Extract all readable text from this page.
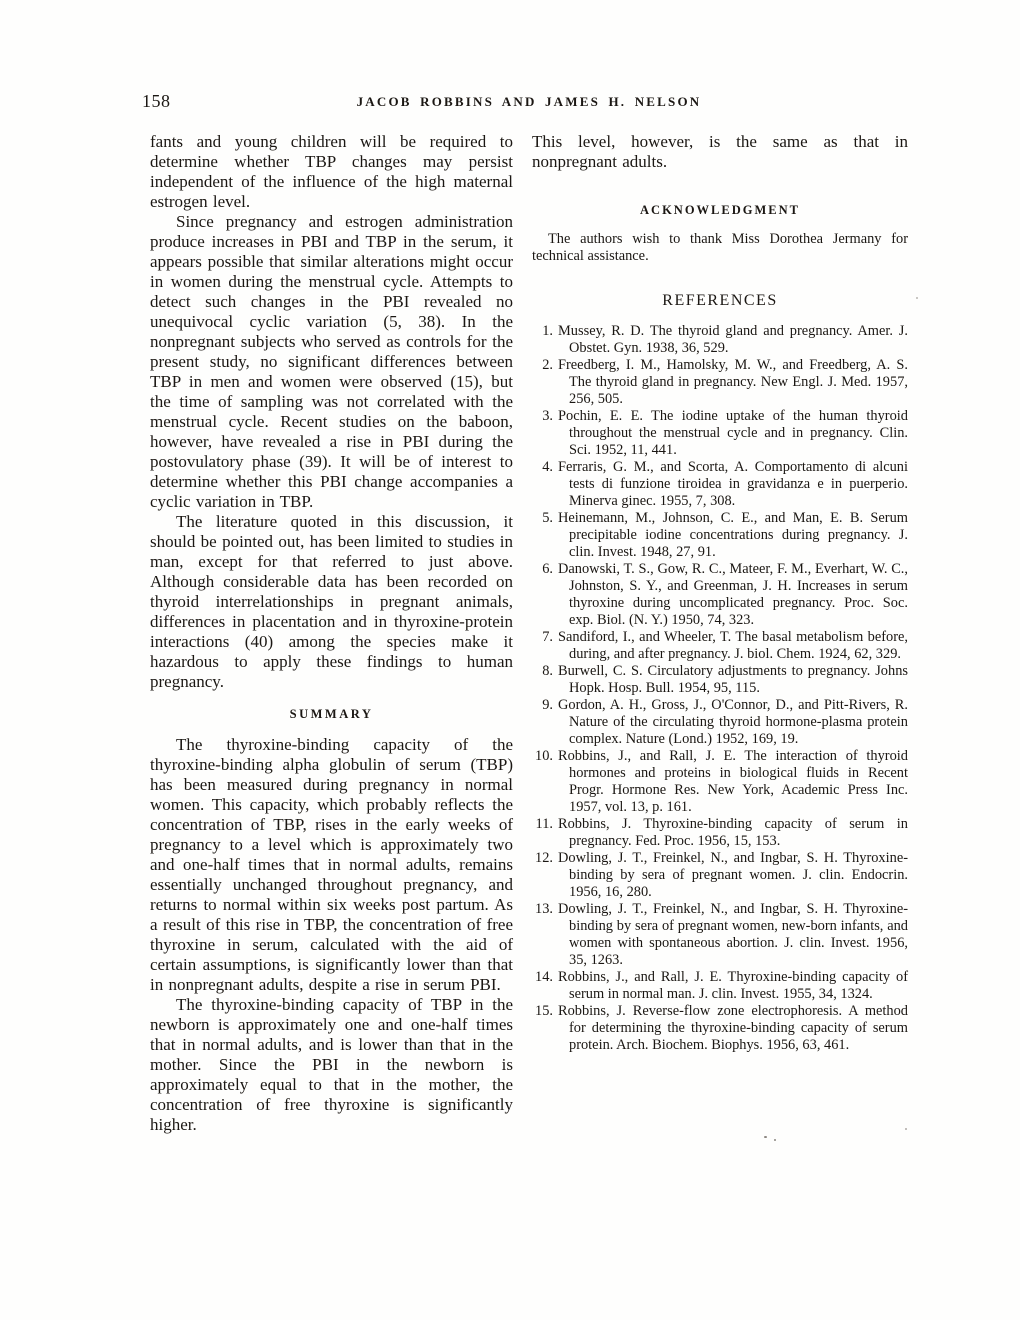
158	JACOB ROBBINS AND JAMES H. NELSON

fants and young children will be required to determine whether TBP changes may persist independent of the influence of the high maternal estrogen level.

Since pregnancy and estrogen administration produce increases in PBI and TBP in the serum, it appears possible that similar alterations might occur in women during the menstrual cycle. Attempts to detect such changes in the PBI revealed no unequivocal cyclic variation (5, 38). In the nonpregnant subjects who served as controls for the present study, no significant differences between TBP in men and women were observed (15), but the time of sampling was not correlated with the menstrual cycle. Recent studies on the baboon, however, have revealed a rise in PBI during the postovulatory phase (39). It will be of interest to determine whether this PBI change accompanies a cyclic variation in TBP.

The literature quoted in this discussion, it should be pointed out, has been limited to studies in man, except for that referred to just above. Although considerable data has been recorded on thyroid interrelationships in pregnant animals, differences in placentation and in thyroxine-protein interactions (40) among the species make it hazardous to apply these findings to human pregnancy.

SUMMARY

The thyroxine-binding capacity of the thyroxine-binding alpha globulin of serum (TBP) has been measured during pregnancy in normal women. This capacity, which probably reflects the concentration of TBP, rises in the early weeks of pregnancy to a level which is approximately two and one-half times that in normal adults, remains essentially unchanged throughout pregnancy, and returns to normal within six weeks post partum. As a result of this rise in TBP, the concentration of free thyroxine in serum, calculated with the aid of certain assumptions, is significantly lower than that in nonpregnant adults, despite a rise in serum PBI.

The thyroxine-binding capacity of TBP in the newborn is approximately one and one-half times that in normal adults, and is lower than that in the mother. Since the PBI in the newborn is approximately equal to that in the mother, the concentration of free thyroxine is significantly higher.

This level, however, is the same as that in nonpregnant adults.

ACKNOWLEDGMENT

The authors wish to thank Miss Dorothea Jermany for technical assistance.

REFERENCES
1. Mussey, R. D. The thyroid gland and pregnancy. Amer. J. Obstet. Gyn. 1938, 36, 529.
2. Freedberg, I. M., Hamolsky, M. W., and Freedberg, A. S. The thyroid gland in pregnancy. New Engl. J. Med. 1957, 256, 505.
3. Pochin, E. E. The iodine uptake of the human thyroid throughout the menstrual cycle and in pregnancy. Clin. Sci. 1952, 11, 441.
4. Ferraris, G. M., and Scorta, A. Comportamento di alcuni tests di funzione tiroidea in gravidanza e in puerperio. Minerva ginec. 1955, 7, 308.
5. Heinemann, M., Johnson, C. E., and Man, E. B. Serum precipitable iodine concentrations during pregnancy. J. clin. Invest. 1948, 27, 91.
6. Danowski, T. S., Gow, R. C., Mateer, F. M., Everhart, W. C., Johnston, S. Y., and Greenman, J. H. Increases in serum thyroxine during uncomplicated pregnancy. Proc. Soc. exp. Biol. (N. Y.) 1950, 74, 323.
7. Sandiford, I., and Wheeler, T. The basal metabolism before, during, and after pregnancy. J. biol. Chem. 1924, 62, 329.
8. Burwell, C. S. Circulatory adjustments to pregnancy. Johns Hopk. Hosp. Bull. 1954, 95, 115.
9. Gordon, A. H., Gross, J., O'Connor, D., and Pitt-Rivers, R. Nature of the circulating thyroid hormone-plasma protein complex. Nature (Lond.) 1952, 169, 19.
10. Robbins, J., and Rall, J. E. The interaction of thyroid hormones and proteins in biological fluids in Recent Progr. Hormone Res. New York, Academic Press Inc. 1957, vol. 13, p. 161.
11. Robbins, J. Thyroxine-binding capacity of serum in pregnancy. Fed. Proc. 1956, 15, 153.
12. Dowling, J. T., Freinkel, N., and Ingbar, S. H. Thyroxine-binding by sera of pregnant women. J. clin. Endocrin. 1956, 16, 280.
13. Dowling, J. T., Freinkel, N., and Ingbar, S. H. Thyroxine-binding by sera of pregnant women, new-born infants, and women with spontaneous abortion. J. clin. Invest. 1956, 35, 1263.
14. Robbins, J., and Rall, J. E. Thyroxine-binding capacity of serum in normal man. J. clin. Invest. 1955, 34, 1324.
15. Robbins, J. Reverse-flow zone electrophoresis. A method for determining the thyroxine-binding capacity of serum protein. Arch. Biochem. Biophys. 1956, 63, 461.
